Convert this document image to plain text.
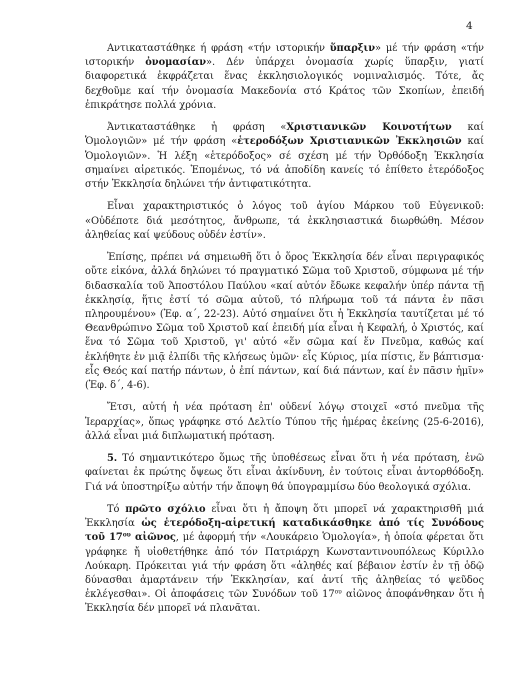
4

Αντικαταστάθηκε ή φράση «τήν ιστορικήν ὕπαρξιν» μέ τήν φράση «τήν ιστορικήν ὀνομασίαν». Δέν ὑπάρχει ὀνομασία χωρίς ὕπαρξιν, γιατί διαφορετικά ἐκφράζεται ἕνας ἐκκλησιολογικός νομιναλισμός. Τότε, ἄς δεχθοῦμε καί τήν ὀνομασία Μακεδονία στό Κράτος τῶν Σκοπίων, ἐπειδή ἐπικράτησε πολλά χρόνια.

Ἀντικαταστάθηκε ἡ φράση «Χριστιανικῶν Κοινοτήτων καί Ὁμολογιῶν» μέ τήν φράση «ἑτεροδόξων Χριστιανικῶν Ἐκκλησιῶν καί Ὁμολογιῶν». Ἡ λέξη «ἑτερόδοξος» σέ σχέση μέ τήν Ὀρθόδοξη Ἐκκλησία σημαίνει αἱρετικός. Ἑπομένως, τό νά ἀποδίδη κανείς τό ἐπίθετο ἑτερόδοξος στήν Ἐκκλησία δηλώνει τήν ἀντιφατικότητα.

Εἶναι χαρακτηριστικός ὁ λόγος τοῦ ἁγίου Μάρκου τοῦ Εὐγενικοῦ: «Οὐδέποτε διά μεσότητος, ἄνθρωπε, τά ἐκκλησιαστικά διωρθώθη. Μέσον ἀληθείας καί ψεύδους οὐδέν ἐστίν».

Ἐπίσης, πρέπει νά σημειωθῆ ὅτι ὁ ὅρος Ἐκκλησία δέν εἶναι περιγραφικός οὔτε εἰκόνα, ἀλλά δηλώνει τό πραγματικό Σῶμα τοῦ Χριστοῦ, σύμφωνα μέ τήν διδασκαλία τοῦ Ἀποστόλου Παύλου «καί αὐτόν ἔδωκε κεφαλήν ὑπέρ πάντα τῇ ἐκκλησίᾳ, ἥτις ἐστί τό σῶμα αὐτοῦ, τό πλήρωμα τοῦ τά πάντα ἐν πᾶσι πληρουμένου» (Ἐφ. α΄, 22-23). Αὐτό σημαίνει ὅτι ἡ Ἐκκλησία ταυτίζεται μέ τό Θεανθρώπινο Σῶμα τοῦ Χριστοῦ καί ἐπειδή μία εἶναι ἡ Κεφαλή, ὁ Χριστός, καί ἕνα τό Σῶμα τοῦ Χριστοῦ, γι' αὐτό «ἕν σῶμα καί ἕν Πνεῦμα, καθώς καί ἐκλήθητε ἐν μιᾷ ἐλπίδι τῆς κλήσεως ὑμῶν· εἷς Κύριος, μία πίστις, ἕν βάπτισμα· εἷς Θεός καί πατήρ πάντων, ὁ ἐπί πάντων, καί διά πάντων, καί ἐν πᾶσιν ἡμῖν» (Ἐφ. δ΄, 4-6).

Ἔτσι, αὐτή ἡ νέα πρόταση ἐπ' οὐδενί λόγῳ στοιχεῖ «στό πνεῦμα τῆς Ἱεραρχίας», ὅπως γράφηκε στό Δελτίο Τύπου τῆς ἡμέρας ἐκείνης (25-6-2016), ἀλλά εἶναι μιά διπλωματική πρόταση.

5. Τό σημαντικότερο ὅμως τῆς ὑποθέσεως εἶναι ὅτι ἡ νέα πρόταση, ἐνῶ φαίνεται ἐκ πρώτης ὄψεως ὅτι εἶναι ἀκίνδυνη, ἐν τούτοις εἶναι ἀντορθόδοξη. Γιά νά ὑποστηρίξω αὐτήν τήν ἄποψη θά ὑπογραμμίσω δύο θεολογικά σχόλια.

Τό πρῶτο σχόλιο εἶναι ὅτι ἡ ἄποψη ὅτι μπορεῖ νά χαρακτηρισθῆ μιά Ἐκκλησία ὡς ἑτερόδοξη-αἱρετική καταδικάσθηκε ἀπό τίς Συνόδους τοῦ $17^{o\upsilon}$ αἰῶνος, μέ ἀφορμή τήν «Λουκάρειο Ὁμολογία», ἡ ὁποία φέρεται ὅτι γράφηκε ἤ υἱοθετήθηκε ἀπό τόν Πατριάρχη Κωνσταντινουπόλεως Κύριλλο Λούκαρη. Πρόκειται γιά τήν φράση ὅτι «ἀληθές καί βέβαιον ἐστίν ἐν τῇ ὁδῷ δύνασθαι ἁμαρτάνειν τήν Ἐκκλησίαν, καί ἀντί τῆς ἀληθείας τό ψεῦδος ἐκλέγεσθαι». Οἱ ἀποφάσεις τῶν Συνόδων τοῦ $17^{o\upsilon}$ αἰῶνος ἀποφάνθηκαν ὅτι ἡ Ἐκκλησία δέν μπορεῖ νά πλανᾶται.
